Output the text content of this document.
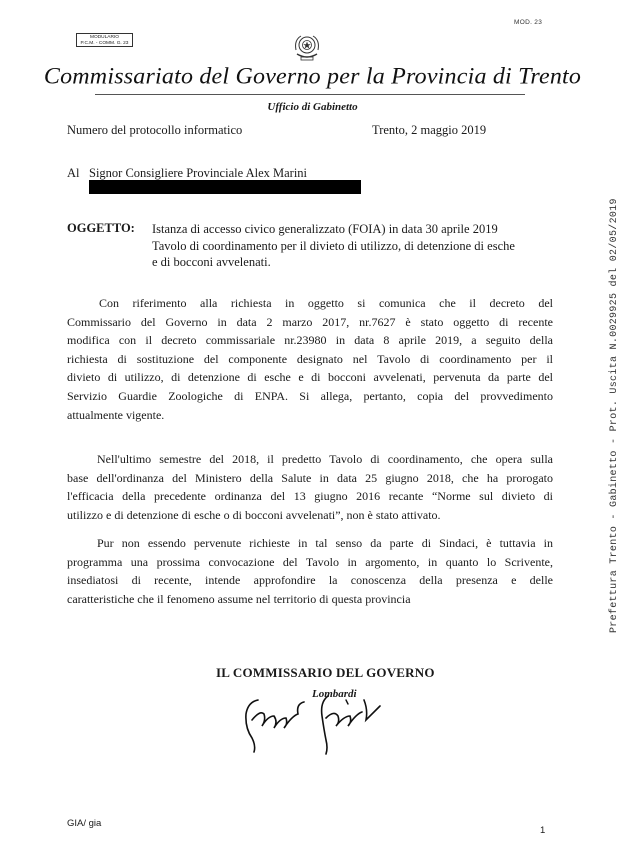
MOD. 23
MODULARIO
P.C.M. - COMM. G. 23
Commissariato del Governo per la Provincia di Trento
Ufficio di Gabinetto
Numero del protocollo informatico	Trento, 2 maggio 2019
Al Signor Consigliere Provinciale Alex Marini
OGGETTO: Istanza di accesso civico generalizzato (FOIA) in data 30 aprile 2019
Tavolo di coordinamento per il divieto di utilizzo, di detenzione di esche
e di bocconi avvelenati.
Con riferimento alla richiesta in oggetto si comunica che il decreto del
Commissario del Governo in data 2 marzo 2017, nr.7627 è stato oggetto di recente
modifica con il decreto commissariale nr.23980 in data 8 aprile 2019, a seguito della
richiesta di sostituzione del componente designato nel Tavolo di coordinamento per il
divieto di utilizzo, di detenzione di esche e di bocconi avvelenati, pervenuta da parte del
Servizio Guardie Zoologiche di ENPA. Si allega, pertanto, copia del provvedimento
attualmente vigente.
Nell'ultimo semestre del 2018, il predetto Tavolo di coordinamento, che opera sulla
base dell'ordinanza del Ministero della Salute in data 25 giugno 2018, che ha prorogato
l'efficacia della precedente ordinanza del 13 giugno 2016 recante “Norme sul divieto di
utilizzo e di detenzione di esche o di bocconi avvelenati”, non è stato attivato.
Pur non essendo pervenute richieste in tal senso da parte di Sindaci, è tuttavia in
programma una prossima convocazione del Tavolo in argomento, in quanto lo Scrivente,
insediatosi di recente, intende approfondire la conoscenza della presenza e delle
caratteristiche che il fenomeno assume nel territorio di questa provincia
IL COMMISSARIO DEL GOVERNO
Lombardi
GIA/ gia
1
Prefettura Trento - Gabinetto - Prot. Uscita N.0029925 del 02/05/2019
